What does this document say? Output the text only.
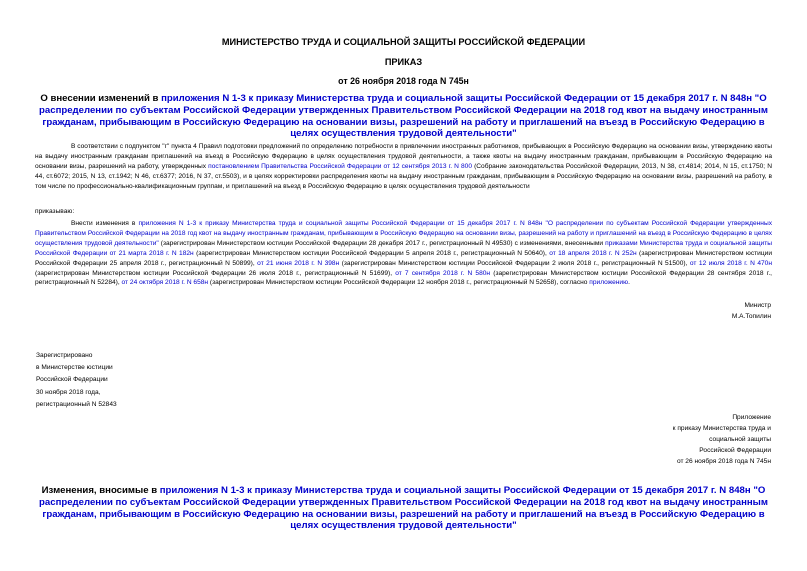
МИНИСТЕРСТВО ТРУДА И СОЦИАЛЬНОЙ ЗАЩИТЫ РОССИЙСКОЙ ФЕДЕРАЦИИ
ПРИКАЗ
от 26 ноября 2018 года N 745н
О внесении изменений в приложения N 1-3 к приказу Министерства труда и социальной защиты Российской Федерации от 15 декабря 2017 г. N 848н "О распределении по субъектам Российской Федерации утвержденных Правительством Российской Федерации на 2018 год квот на выдачу иностранным гражданам, прибывающим в Российскую Федерацию на основании визы, разрешений на работу и приглашений на въезд в Российскую Федерацию в целях осуществления трудовой деятельности"
В соответствии с подпунктом "г" пункта 4 Правил подготовки предложений по определению потребности в привлечении иностранных работников, прибывающих в Российскую Федерацию на основании визы, утверждению квоты на выдачу иностранным гражданам приглашений на въезд в Российскую Федерацию в целях осуществления трудовой деятельности, а также квоты на выдачу иностранным гражданам, прибывающим в Российскую Федерацию на основании визы, разрешений на работу, утвержденных постановлением Правительства Российской Федерации от 12 сентября 2013 г. N 800 (Собрание законодательства Российской Федерации, 2013, N 38, ст.4814; 2014, N 15, ст.1750; N 44, ст.6072; 2015, N 13, ст.1942; N 46, ст.6377; 2016, N 37, ст.5503), и в целях корректировки распределения квоты на выдачу иностранным гражданам, прибывающим в Российскую Федерацию на основании визы, разрешений на работу, в том числе по профессионально-квалификационным группам, и приглашений на въезд в Российскую Федерацию в целях осуществления трудовой деятельности
приказываю:
Внести изменения в приложения N 1-3 к приказу Министерства труда и социальной защиты Российской Федерации от 15 декабря 2017 г. N 848н "О распределении по субъектам Российской Федерации утвержденных Правительством Российской Федерации на 2018 год квот на выдачу иностранным гражданам, прибывающим в Российскую Федерацию на основании визы, разрешений на работу и приглашений на въезд в Российскую Федерацию в целях осуществления трудовой деятельности" (зарегистрирован Министерством юстиции Российской Федерации 28 декабря 2017 г., регистрационный N 49530) с изменениями, внесенными приказами Министерства труда и социальной защиты Российской Федерации от 21 марта 2018 г. N 182н (зарегистрирован Министерством юстиции Российской Федерации 5 апреля 2018 г., регистрационный N 50640), от 18 апреля 2018 г. N 252н (зарегистрирован Министерством юстиции Российской Федерации 25 апреля 2018 г., регистрационный N 50899), от 21 июня 2018 г. N 398н (зарегистрирован Министерством юстиции Российской Федерации 2 июля 2018 г., регистрационный N 51500), от 12 июля 2018 г. N 470н (зарегистрирован Министерством юстиции Российской Федерации 26 июля 2018 г., регистрационный N 51699), от 7 сентября 2018 г. N 580н (зарегистрирован Министерством юстиции Российской Федерации 28 сентября 2018 г., регистрационный N 52284), от 24 октября 2018 г. N 658н (зарегистрирован Министерством юстиции Российской Федерации 12 ноября 2018 г., регистрационный N 52658), согласно приложению.
Министр
М.А.Топилин
Зарегистрировано
в Министерстве юстиции
Российской Федерации
30 ноября 2018 года,
регистрационный N 52843
Приложение
к приказу Министерства труда и
социальной защиты
Российской Федерации
от 26 ноября 2018 года N 745н
Изменения, вносимые в приложения N 1-3 к приказу Министерства труда и социальной защиты Российской Федерации от 15 декабря 2017 г. N 848н "О распределении по субъектам Российской Федерации утвержденных Правительством Российской Федерации на 2018 год квот на выдачу иностранным гражданам, прибывающим в Российскую Федерацию на основании визы, разрешений на работу и приглашений на въезд в Российскую Федерацию в целях осуществления трудовой деятельности"
